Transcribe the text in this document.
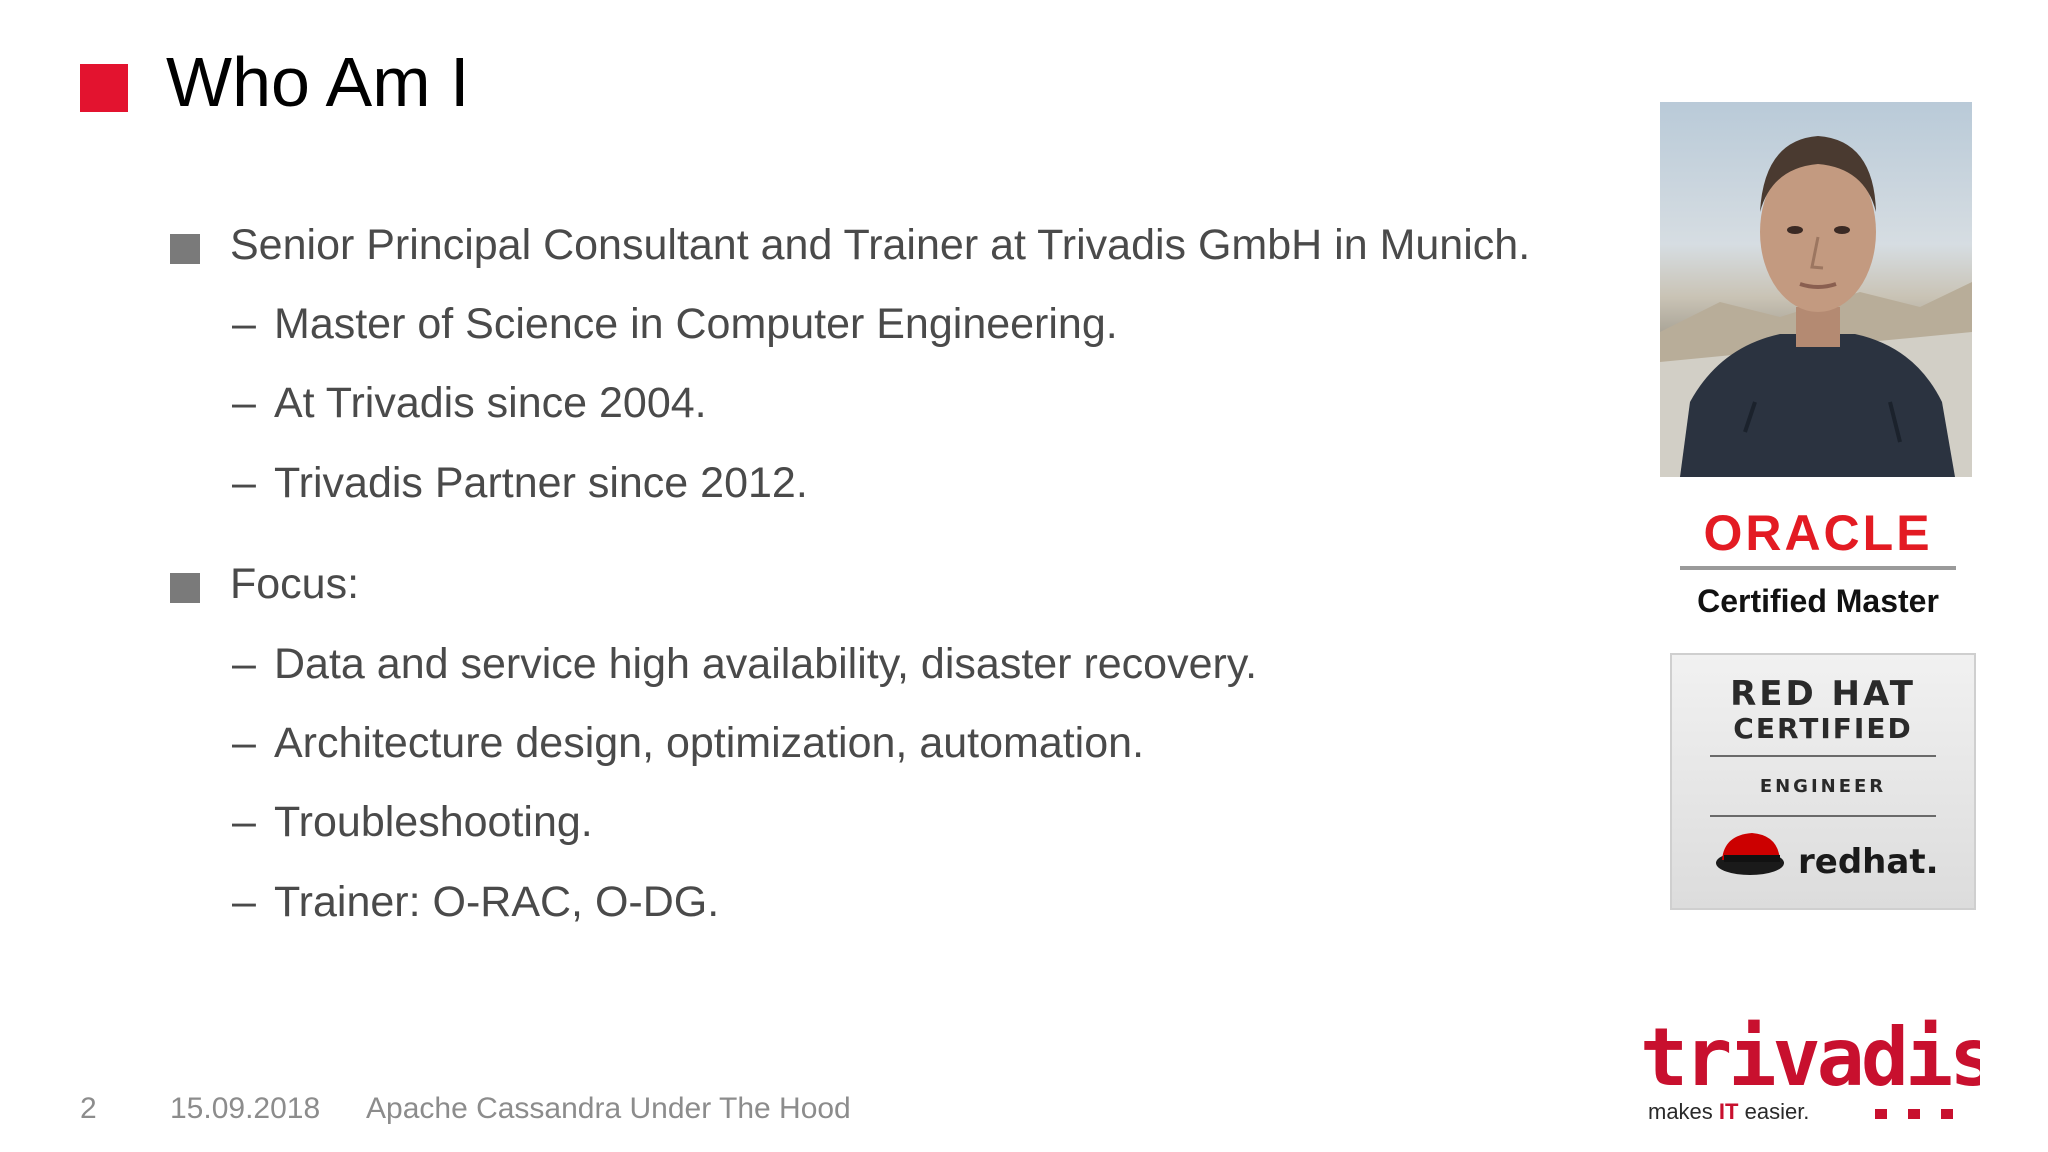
Who Am I
Senior Principal Consultant and Trainer at Trivadis GmbH in Munich.
– Master of Science in Computer Engineering.
– At Trivadis since 2004.
– Trivadis Partner since 2012.
Focus:
– Data and service high availability, disaster recovery.
– Architecture design, optimization, automation.
– Troubleshooting.
– Trainer: O-RAC, O-DG.
ORACLE
Certified Master
RED HAT
CERTIFIED
ENGINEER
redhat.
trivadis
makes IT easier.
2 15.09.2018 Apache Cassandra Under The Hood
